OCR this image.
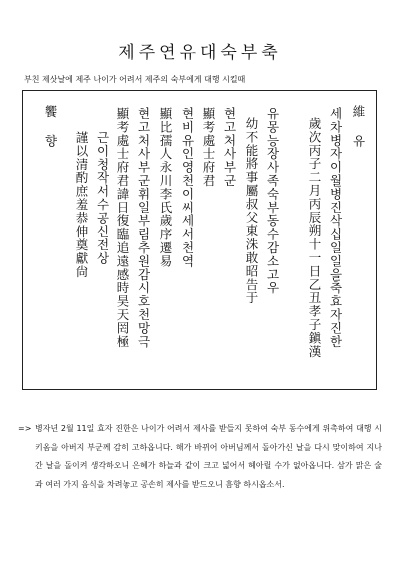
제주연유대숙부축
부친 제삿날에 제주 나이가 어려서 제주의 숙부에게 대행 시킬때
維 유
세차병자이월병진삭십일일을축효자진한
歲次丙子二月丙辰朔十一日乙丑孝子鎭漢
유몽능장사족숙부동수감소고우
幼不能將事屬叔父東洙敢昭告于
현고처사부군
顯考處士府君
현비유인영천이씨세서천역
顯比孺人永川李氏歲序遷易
현고처사부군휘일부림추원감시호천망극
顯考處士府君諱日復臨追遠感時昊天罔極
근이청작서수공신전상
謹以清酌庶羞恭伸奠獻尙
饗 향
=> 병자년 2월 11일 효자 진한은 나이가 어려서 제사를 받들지 못하여 숙부 동수에게 위촉하여 대행 시키옴을 아버지 부군께 감히 고하옵니다. 해가 바뀌어 아버님께서 돌아가신 날을 다시 맞이하여 지나간 날을 돌이켜 생각하오니 은혜가 하늘과 같이 크고 넓어서 헤아릴 수가 없아옵니다. 삼가 맑은 술과 여러 가지 음식을 차려놓고 공손히 제사를 받드오니 흠향 하시옵소서.
